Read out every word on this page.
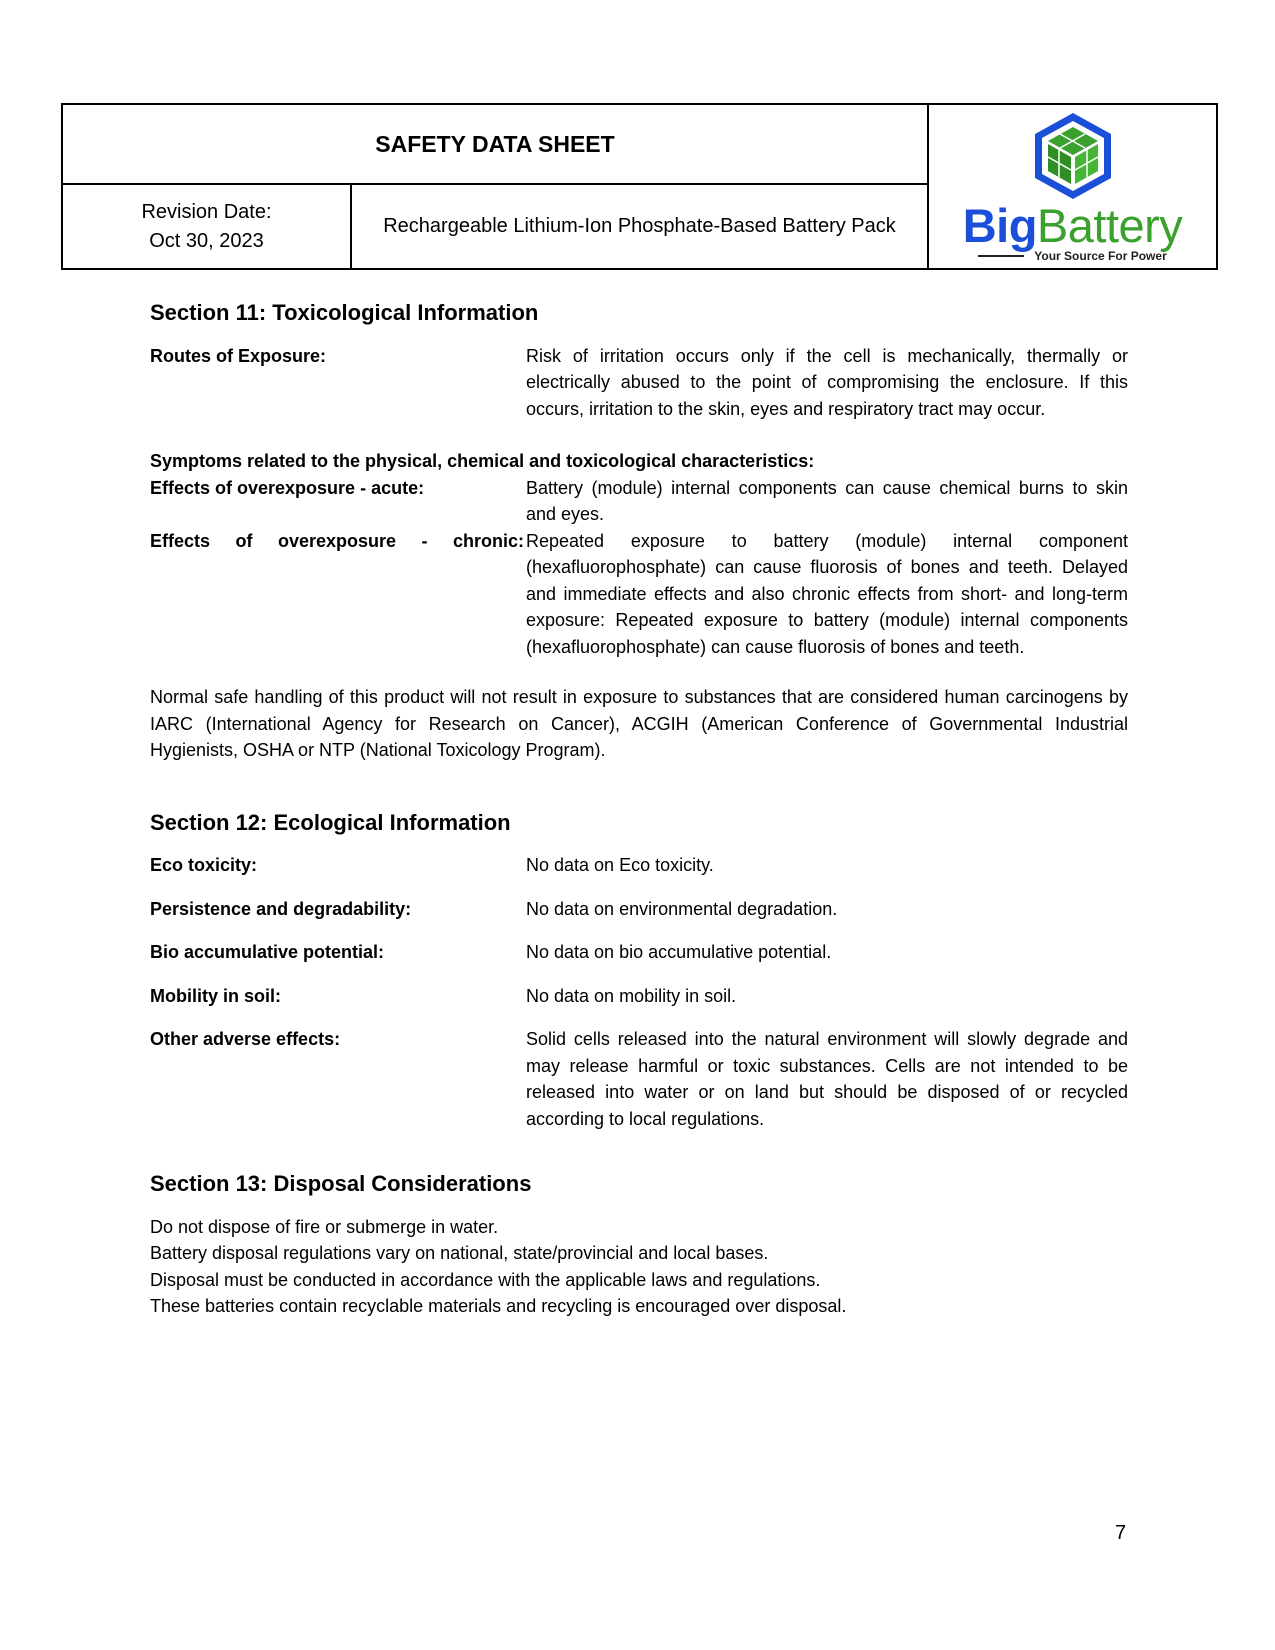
SAFETY DATA SHEET
Revision Date:
Oct 30, 2023
Rechargeable Lithium-Ion Phosphate-Based Battery Pack	BigBattery
Your Source For Power
Section 11: Toxicological Information
Routes of Exposure:	Risk of irritation occurs only if the cell is mechanically, thermally or electrically abused to the point of compromising the enclosure. If this occurs, irritation to the skin, eyes and respiratory tract may occur.
Symptoms related to the physical, chemical and toxicological characteristics:
Effects of overexposure - acute:	Battery (module) internal components can cause chemical burns to skin and eyes.
Effects of overexposure - chronic: Repeated exposure to battery (module) internal component (hexafluorophosphate) can cause fluorosis of bones and teeth. Delayed and immediate effects and also chronic effects from short- and long-term exposure: Repeated exposure to battery (module) internal components (hexafluorophosphate) can cause fluorosis of bones and teeth.
Normal safe handling of this product will not result in exposure to substances that are considered human carcinogens by IARC (International Agency for Research on Cancer), ACGIH (American Conference of Governmental Industrial Hygienists, OSHA or NTP (National Toxicology Program).
Section 12: Ecological Information
Eco toxicity:	No data on Eco toxicity.
Persistence and degradability:	No data on environmental degradation.
Bio accumulative potential:	No data on bio accumulative potential.
Mobility in soil:	No data on mobility in soil.
Other adverse effects:	Solid cells released into the natural environment will slowly degrade and may release harmful or toxic substances. Cells are not intended to be released into water or on land but should be disposed of or recycled according to local regulations.
Section 13: Disposal Considerations
Do not dispose of fire or submerge in water.
Battery disposal regulations vary on national, state/provincial and local bases.
Disposal must be conducted in accordance with the applicable laws and regulations.
These batteries contain recyclable materials and recycling is encouraged over disposal.
7
